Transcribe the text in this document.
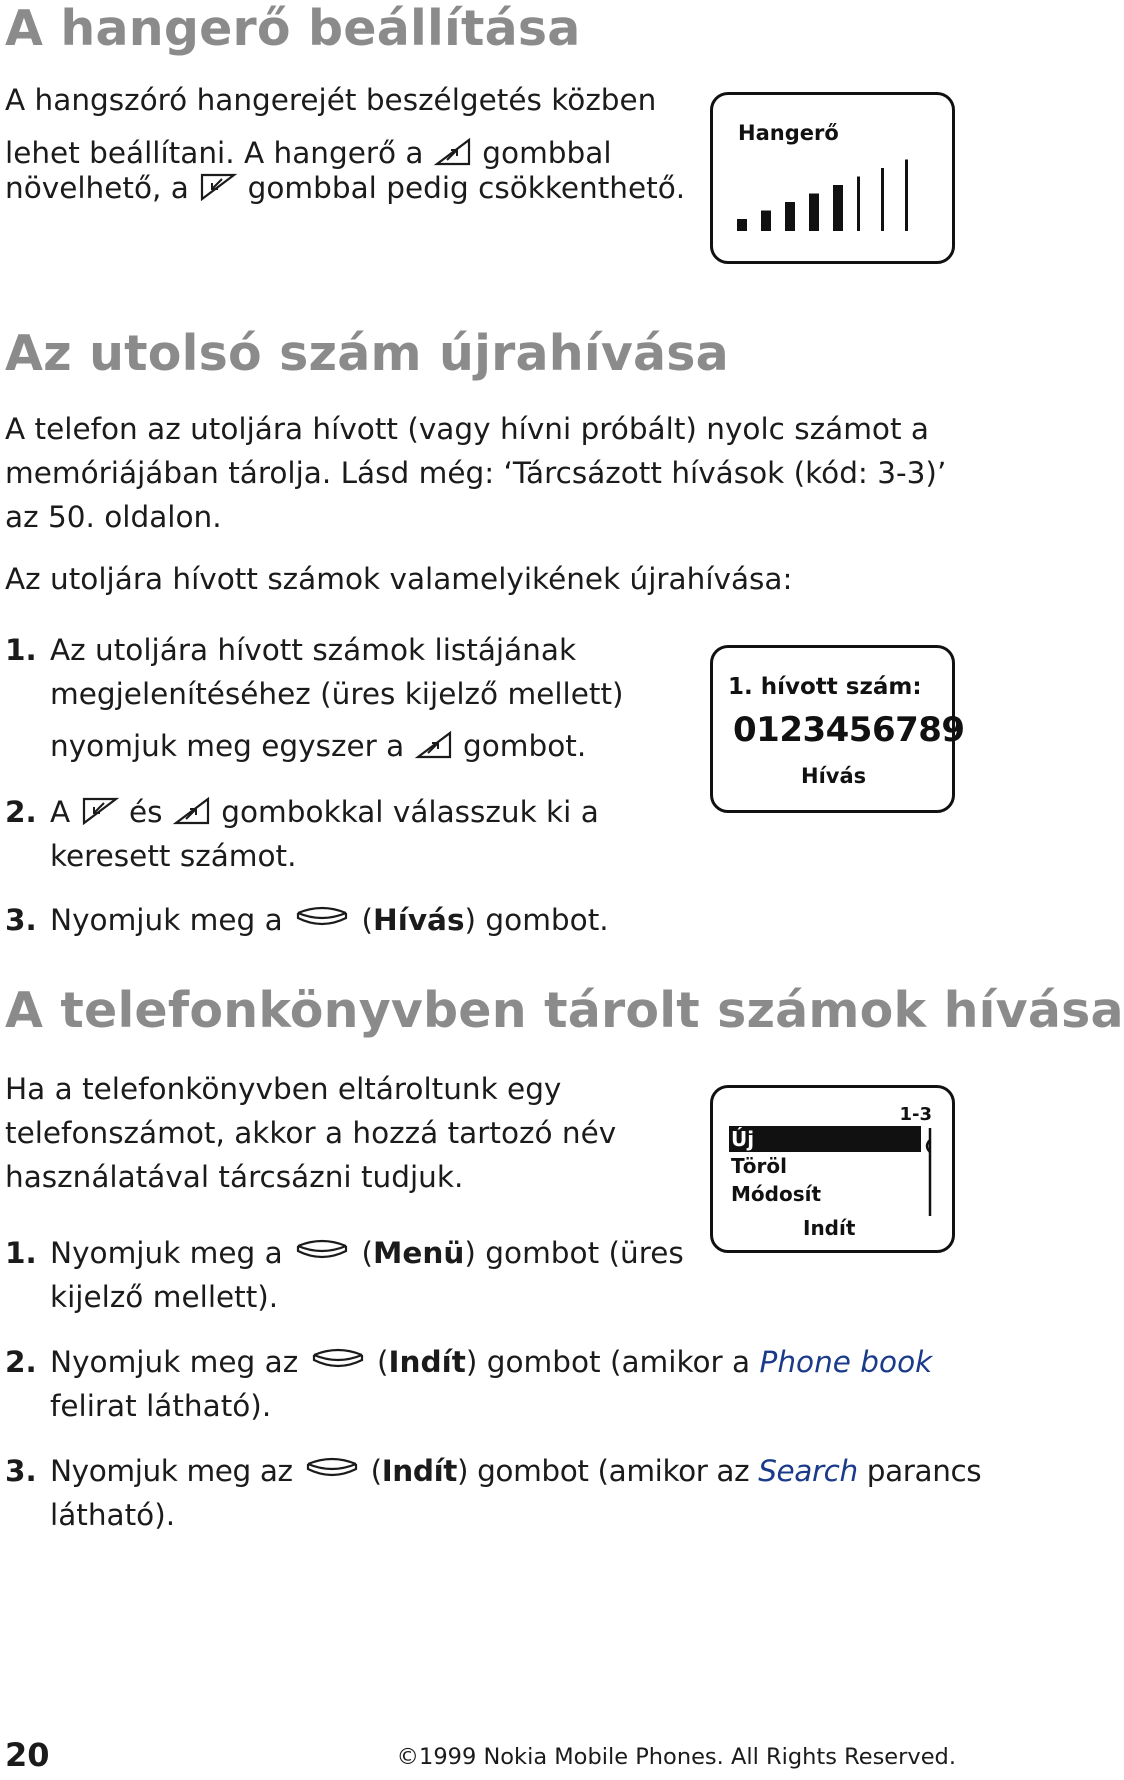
A hangerő beállítása

A hangszóró hangerejét beszélgetés közben

lehet beállítani. A hangerő a gombbal

növelhető, a gombbal pedig csökkenthető.

Hangerő
Az utolsó szám újrahívása

A telefon az utoljára hívott (vagy hívni próbált) nyolc számot a

memóriájában tárolja. Lásd még: ‘Tárcsázott hívások (kód: 3-3)’

az 50. oldalon.

Az utoljára hívott számok valamelyikének újrahívása:

1. Az utoljára hívott számok listájának
megjelenítéséhez (üres kijelző mellett)
nyomjuk meg egyszer a gombot.
2. A és gombokkal válasszuk ki a
keresett számot.
3. Nyomjuk meg a	(Hívás) gombot.
1. hívott szám:
0123456789
Hívás
A telefonkönyvben tárolt számok hívása

Ha a telefonkönyvben eltároltunk egy

telefonszámot, akkor a hozzá tartozó név

használatával tárcsázni tudjuk.

1. Nyomjuk meg a	(Menü) gombot (üres
kijelző mellett).
2. Nyomjuk meg az	(Indít) gombot (amikor a Phone book
felirat látható).
3. Nyomjuk meg az	(Indít) gombot (amikor az Search parancs
látható).
1-3
Új
Töröl
Módosít
Indít
20	©1999 Nokia Mobile Phones. All Rights Reserved.
